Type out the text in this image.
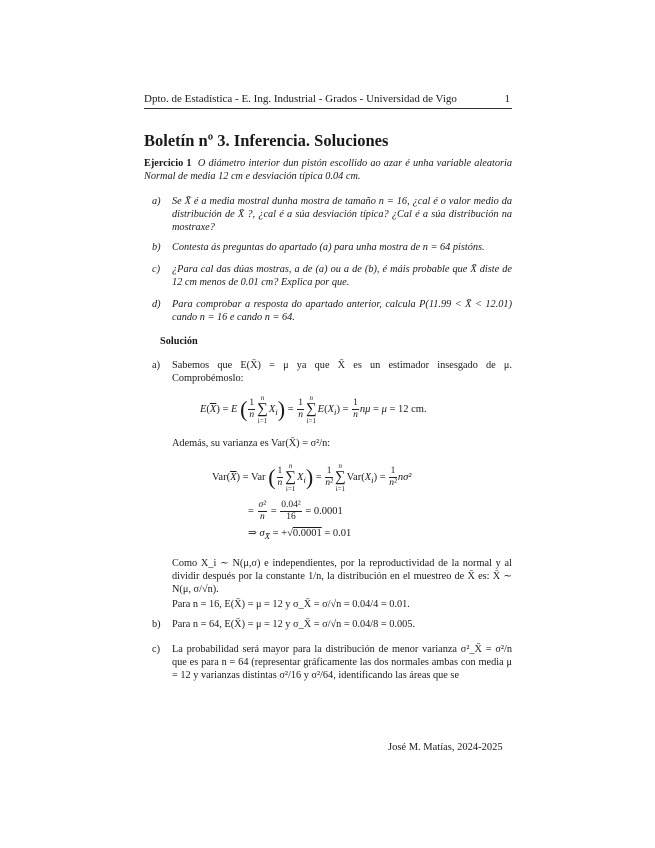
Dpto. de Estadística - E. Ing. Industrial - Grados - Universidad de Vigo	1
Boletín nº 3. Inferencia. Soluciones
Ejercicio 1 O diámetro interior dun pistón escollido ao azar é unha variable aleatoria Normal de media 12 cm e desviación típica 0.04 cm.
a) Se X̄ é a media mostral dunha mostra de tamaño n = 16, ¿cal é o valor medio da distribución de X̄ ?, ¿cal é a súa desviación típica? ¿Cal é a súa distribución na mostraxe?
b) Contesta ás preguntas do apartado (a) para unha mostra de n = 64 pistóns.
c) ¿Para cal das dúas mostras, a de (a) ou a de (b), é máis probable que X̄ diste de 12 cm menos de 0.01 cm? Explica por que.
d) Para comprobar a resposta do apartado anterior, calcula P(11.99 < X̄ < 12.01) cando n = 16 e cando n = 64.
Solución
a) Sabemos que E(X̄) = μ ya que X̄ es un estimador insesgado de μ. Comprobémoslo:
$E(\overline{X}) = E$ ( $\frac{1}{n}$ n
∑
i=1
$X_i) = \frac{1}{n}$ n
∑
i=1
$E(X_i) = \frac{1}{n}$ nμ = μ = 12 cm.
Además, su varianza es Var(X̄) = σ²/n:
$Var(\overline{X})$ = Var ( $\frac{1}{n}$ n
∑
i=1
$X_i) = \frac{1}{\text{n²}}$ n
∑
i=1
$Var(X_i) = \frac{1}{\text{n²}} n\sigma^2$
= $\frac{\text{σ²}}{n} = \frac{\text{0.04²}}{16} = 0.0001$
⇒ $\sigma_{X̄} = +√0.0001 = 0.01$
Como X_i ∼ N(μ,σ) e independientes, por la reproductividad de la normal y al dividir después por la constante 1/n, la distribución en el muestreo de X̄ es: X̄ ∼ N(μ, σ/√n).
Para n = 16, E(X̄) = μ = 12 y σ_X̄ = σ/√n = 0.04/4 = 0.01.
b) Para n = 64, E(X̄) = μ = 12 y σ_X̄ = σ/√n = 0.04/8 = 0.005.
c) La probabilidad será mayor para la distribución de menor varianza σ²_X̄ = σ²/n que es para n = 64 (representar gráficamente las dos normales ambas con media μ = 12 y varianzas distintas σ²/16 y σ²/64, identificando las áreas que se
José M. Matías, 2024-2025
